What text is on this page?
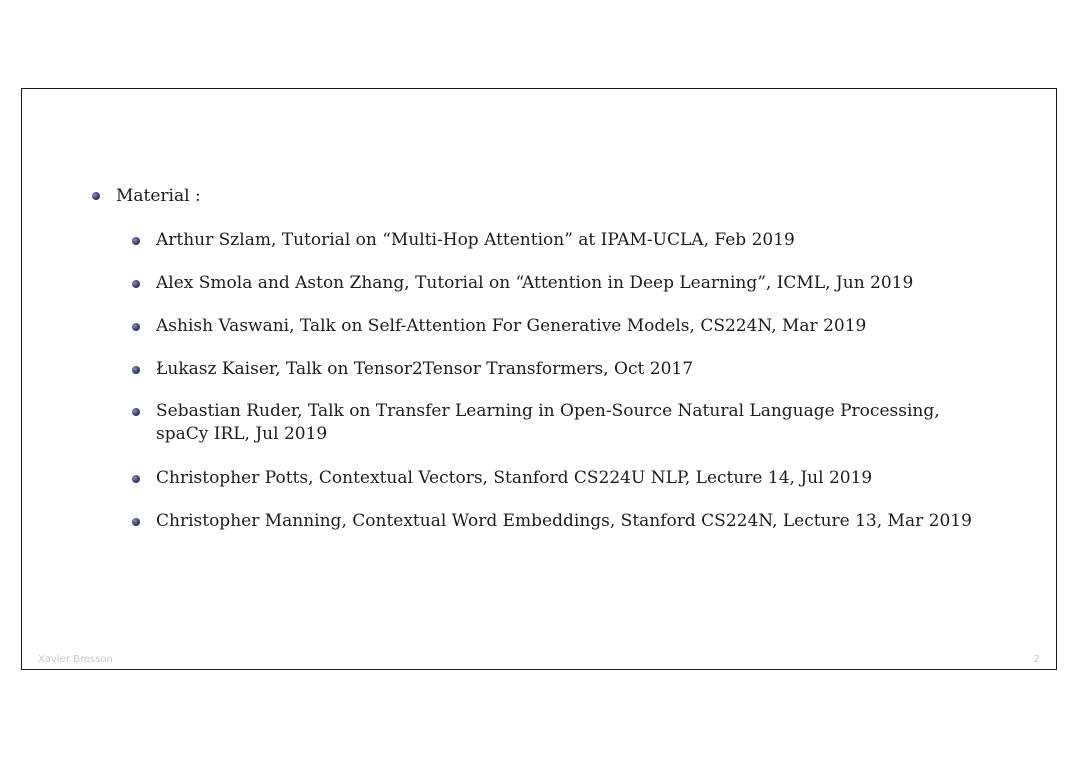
Material :
Arthur Szlam, Tutorial on “Multi-Hop Attention” at IPAM-UCLA, Feb 2019
Alex Smola and Aston Zhang, Tutorial on “Attention in Deep Learning”, ICML, Jun 2019
Ashish Vaswani, Talk on Self-Attention For Generative Models, CS224N, Mar 2019
Łukasz Kaiser, Talk on Tensor2Tensor Transformers, Oct 2017
Sebastian Ruder, Talk on Transfer Learning in Open-Source Natural Language Processing,
spaCy IRL, Jul 2019
Christopher Potts, Contextual Vectors, Stanford CS224U NLP, Lecture 14, Jul 2019
Christopher Manning, Contextual Word Embeddings, Stanford CS224N, Lecture 13, Mar 2019
Xavier Bresson	2
